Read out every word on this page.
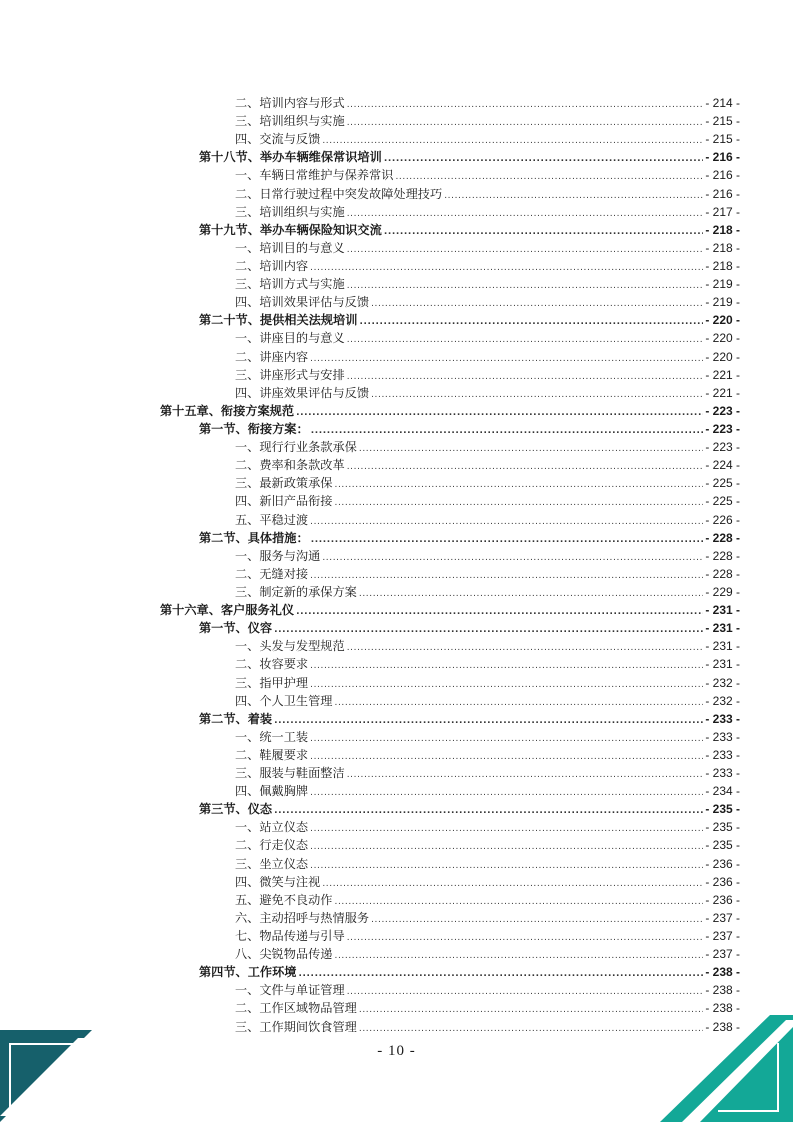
二、培训内容与形式 .....	- 214 -
三、培训组织与实施 .....	- 215 -
四、交流与反馈 .....	- 215 -
第十八节、举办车辆维保常识培训 .....	- 216 -
一、车辆日常维护与保养常识 .....	- 216 -
二、日常行驶过程中突发故障处理技巧 .....	- 216 -
三、培训组织与实施 .....	- 217 -
第十九节、举办车辆保险知识交流 .....	- 218 -
一、培训目的与意义 .....	- 218 -
二、培训内容 .....	- 218 -
三、培训方式与实施 .....	- 219 -
四、培训效果评估与反馈 .....	- 219 -
第二十节、提供相关法规培训 .....	- 220 -
一、讲座目的与意义 .....	- 220 -
二、讲座内容 .....	- 220 -
三、讲座形式与安排 .....	- 221 -
四、讲座效果评估与反馈 .....	- 221 -
第十五章、衔接方案规范 .....	- 223 -
第一节、衔接方案： .....	- 223 -
一、现行行业条款承保 .....	- 223 -
二、费率和条款改革 .....	- 224 -
三、最新政策承保 .....	- 225 -
四、新旧产品衔接 .....	- 225 -
五、平稳过渡 .....	- 226 -
第二节、具体措施： .....	- 228 -
一、服务与沟通 .....	- 228 -
二、无缝对接 .....	- 228 -
三、制定新的承保方案 .....	- 229 -
第十六章、客户服务礼仪 .....	- 231 -
第一节、仪容 .....	- 231 -
一、头发与发型规范 .....	- 231 -
二、妆容要求 .....	- 231 -
三、指甲护理 .....	- 232 -
四、个人卫生管理 .....	- 232 -
第二节、着装 .....	- 233 -
一、统一工装 .....	- 233 -
二、鞋履要求 .....	- 233 -
三、服装与鞋面整洁 .....	- 233 -
四、佩戴胸牌 .....	- 234 -
第三节、仪态 .....	- 235 -
一、站立仪态 .....	- 235 -
二、行走仪态 .....	- 235 -
三、坐立仪态 .....	- 236 -
四、微笑与注视 .....	- 236 -
五、避免不良动作 .....	- 236 -
六、主动招呼与热情服务 .....	- 237 -
七、物品传递与引导 .....	- 237 -
八、尖锐物品传递 .....	- 237 -
第四节、工作环境 .....	- 238 -
一、文件与单证管理 .....	- 238 -
二、工作区域物品管理 .....	- 238 -
三、工作期间饮食管理 .....	- 238 -
- 10 -
